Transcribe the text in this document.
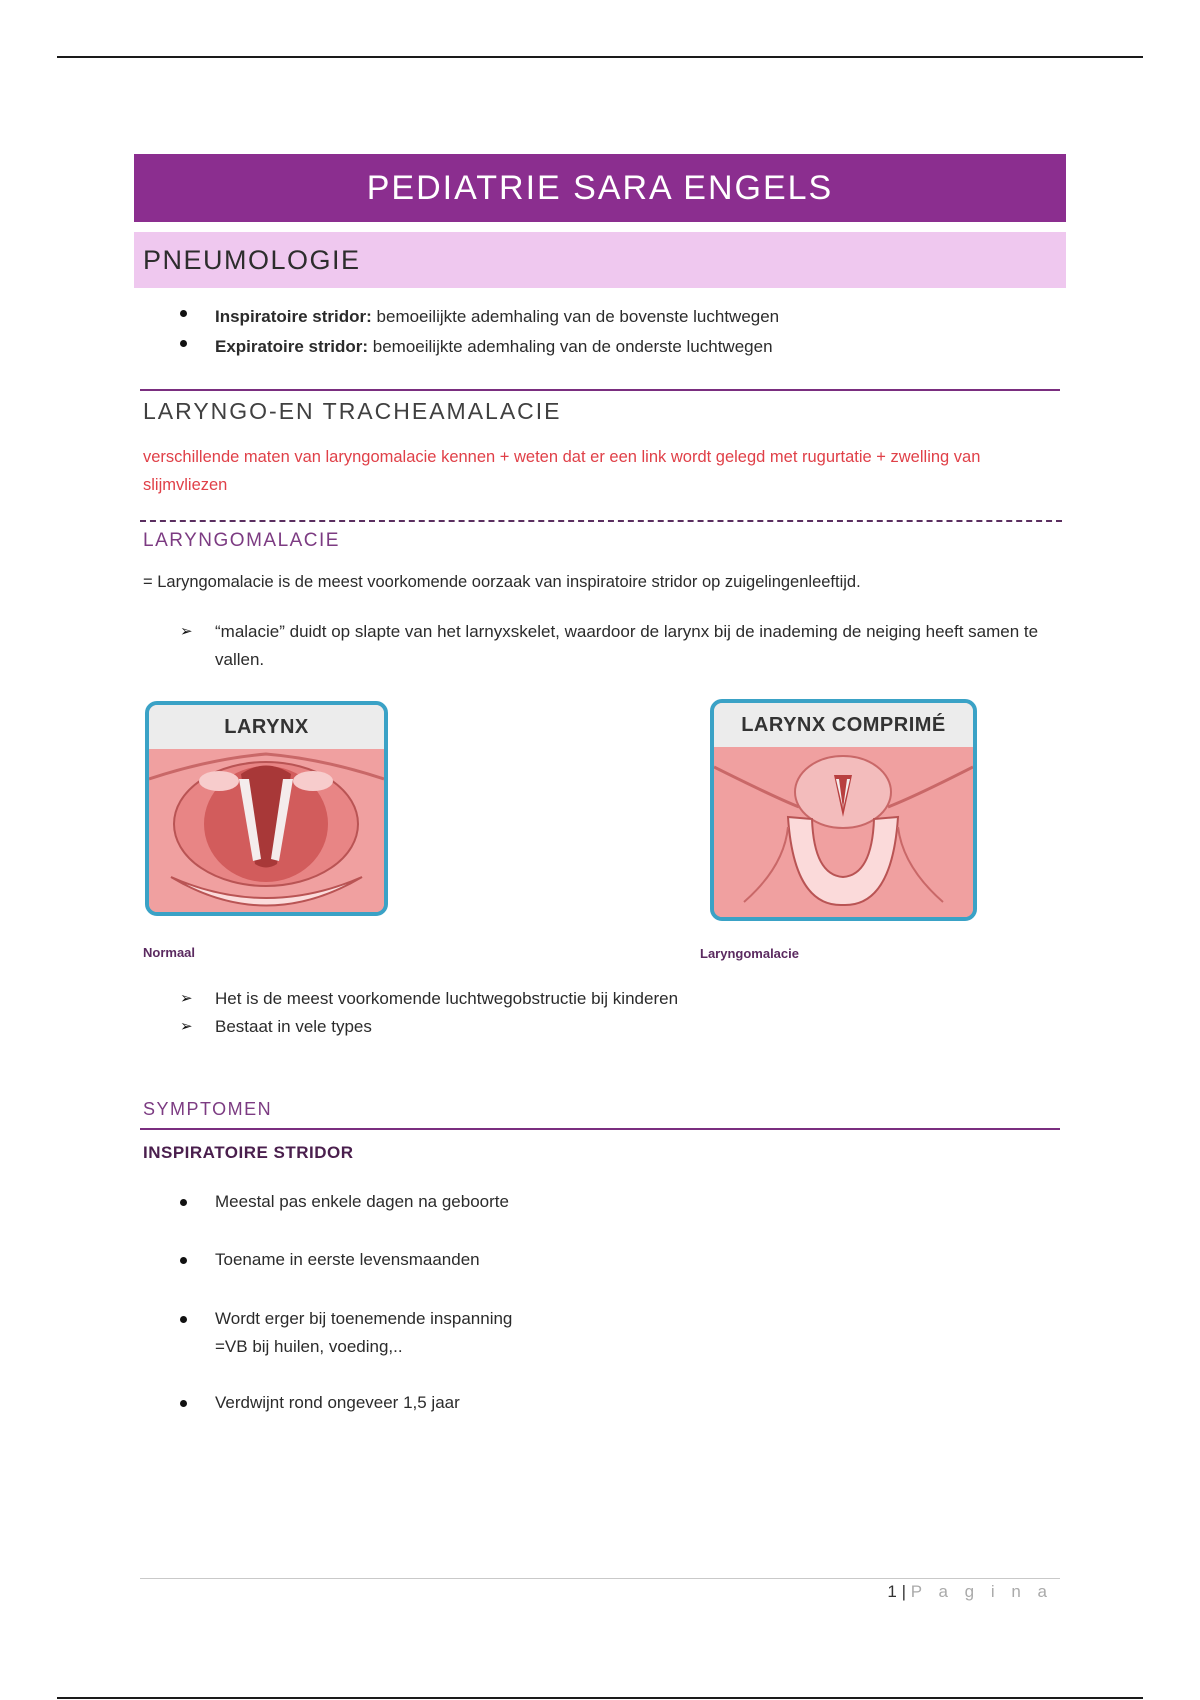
PEDIATRIE SARA ENGELS
PNEUMOLOGIE
Inspiratoire stridor: bemoeilijkte ademhaling van de bovenste luchtwegen
Expiratoire stridor: bemoeilijkte ademhaling van de onderste luchtwegen
LARYNGO-EN TRACHEAMALACIE
verschillende maten van laryngomalacie kennen + weten dat er een link wordt gelegd met rugurtatie + zwelling van slijmvliezen
LARYNGOMALACIE
= Laryngomalacie is de meest voorkomende oorzaak van inspiratoire stridor op zuigelingenleeftijd.
➢ “malacie” duidt op slapte van het larnyxskelet, waardoor de larynx bij de inademing de neiging heeft samen te vallen.
LARYNX
Normaal
LARYNX COMPRIMÉ
Laryngomalacie
➢ Het is de meest voorkomende luchtwegobstructie bij kinderen
➢ Bestaat in vele types
SYMPTOMEN
INSPIRATOIRE STRIDOR
Meestal pas enkele dagen na geboorte
Toename in eerste levensmaanden
Wordt erger bij toenemende inspanning
=VB bij huilen, voeding,..
Verdwijnt rond ongeveer 1,5 jaar
1 | P a g i n a
